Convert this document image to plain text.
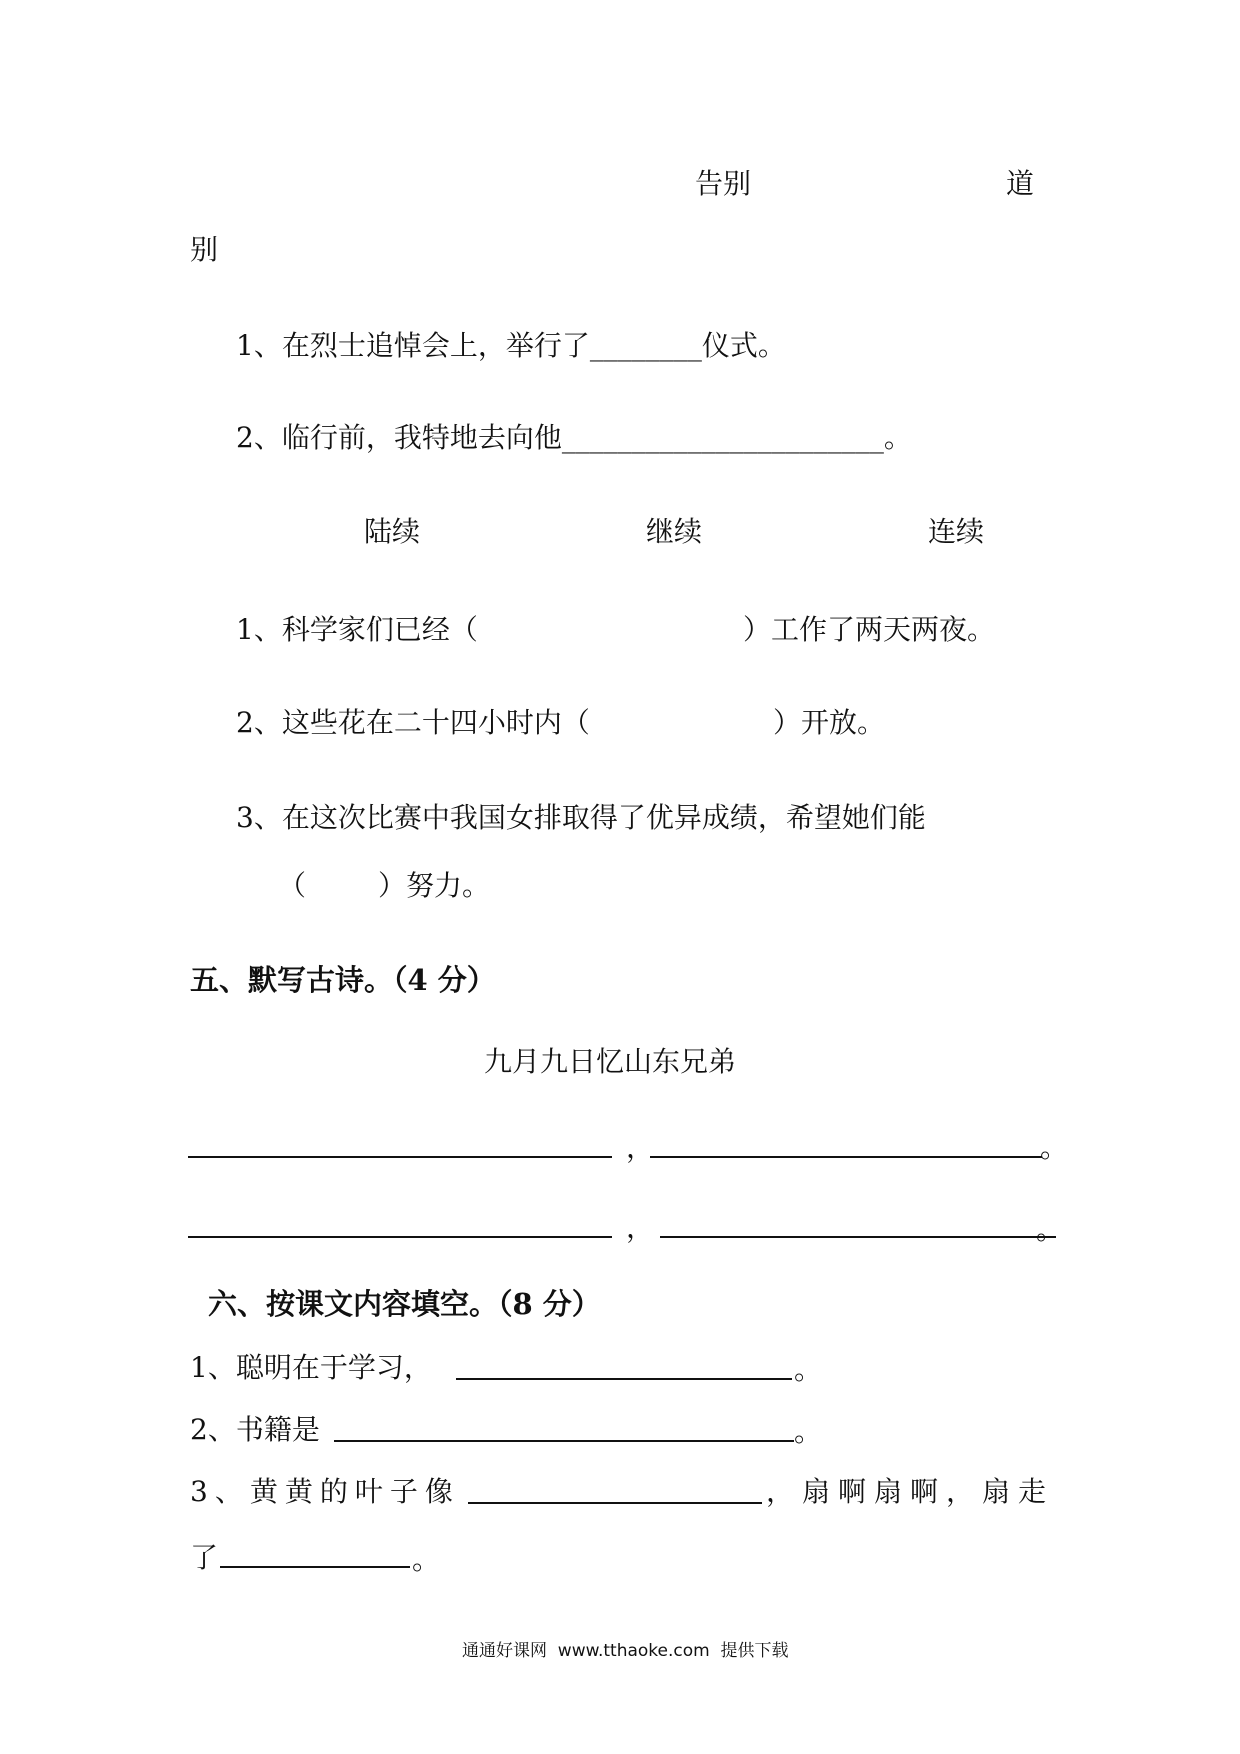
告别	道
别
1、在烈士追悼会上，举行了________仪式。
2、临行前，我特地去向他_______________________。
陆续	继续	连续
1、科学家们已经（	）工作了两天两夜。
2、这些花在二十四小时内（	）开放。
3、在这次比赛中我国女排取得了优异成绩，希望她们能
（	）努力。
五、默写古诗。（4 分）
九月九日忆山东兄弟
，	。
，	。
六、按课文内容填空。（8 分）
1、聪明在于学习，	。
2、书籍是	。
3、黄黄的叶子像	，扇啊扇啊，扇走
了	。
通通好课网  www.tthaoke.com  提供下载
